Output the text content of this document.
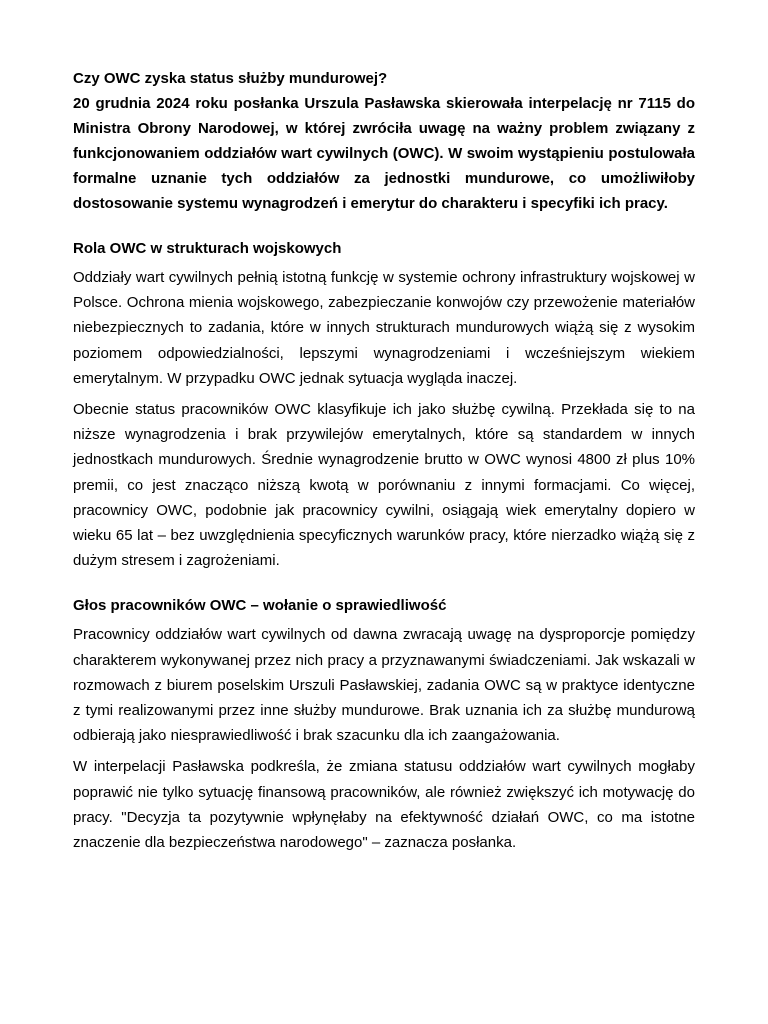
Czy OWC zyska status służby mundurowej?

20 grudnia 2024 roku posłanka Urszula Pasławska skierowała interpelację nr 7115 do Ministra Obrony Narodowej, w której zwróciła uwagę na ważny problem związany z funkcjonowaniem oddziałów wart cywilnych (OWC). W swoim wystąpieniu postulowała formalne uznanie tych oddziałów za jednostki mundurowe, co umożliwiłoby dostosowanie systemu wynagrodzeń i emerytur do charakteru i specyfiki ich pracy.

Rola OWC w strukturach wojskowych

Oddziały wart cywilnych pełnią istotną funkcję w systemie ochrony infrastruktury wojskowej w Polsce. Ochrona mienia wojskowego, zabezpieczanie konwojów czy przewożenie materiałów niebezpiecznych to zadania, które w innych strukturach mundurowych wiążą się z wysokim poziomem odpowiedzialności, lepszymi wynagrodzeniami i wcześniejszym wiekiem emerytalnym. W przypadku OWC jednak sytuacja wygląda inaczej.

Obecnie status pracowników OWC klasyfikuje ich jako służbę cywilną. Przekłada się to na niższe wynagrodzenia i brak przywilejów emerytalnych, które są standardem w innych jednostkach mundurowych. Średnie wynagrodzenie brutto w OWC wynosi 4800 zł plus 10% premii, co jest znacząco niższą kwotą w porównaniu z innymi formacjami. Co więcej, pracownicy OWC, podobnie jak pracownicy cywilni, osiągają wiek emerytalny dopiero w wieku 65 lat – bez uwzględnienia specyficznych warunków pracy, które nierzadko wiążą się z dużym stresem i zagrożeniami.

Głos pracowników OWC – wołanie o sprawiedliwość

Pracownicy oddziałów wart cywilnych od dawna zwracają uwagę na dysproporcje pomiędzy charakterem wykonywanej przez nich pracy a przyznawanymi świadczeniami. Jak wskazali w rozmowach z biurem poselskim Urszuli Pasławskiej, zadania OWC są w praktyce identyczne z tymi realizowanymi przez inne służby mundurowe. Brak uznania ich za służbę mundurową odbierają jako niesprawiedliwość i brak szacunku dla ich zaangażowania.

W interpelacji Pasławska podkreśla, że zmiana statusu oddziałów wart cywilnych mogłaby poprawić nie tylko sytuację finansową pracowników, ale również zwiększyć ich motywację do pracy. "Decyzja ta pozytywnie wpłynęłaby na efektywność działań OWC, co ma istotne znaczenie dla bezpieczeństwa narodowego" – zaznacza posłanka.
